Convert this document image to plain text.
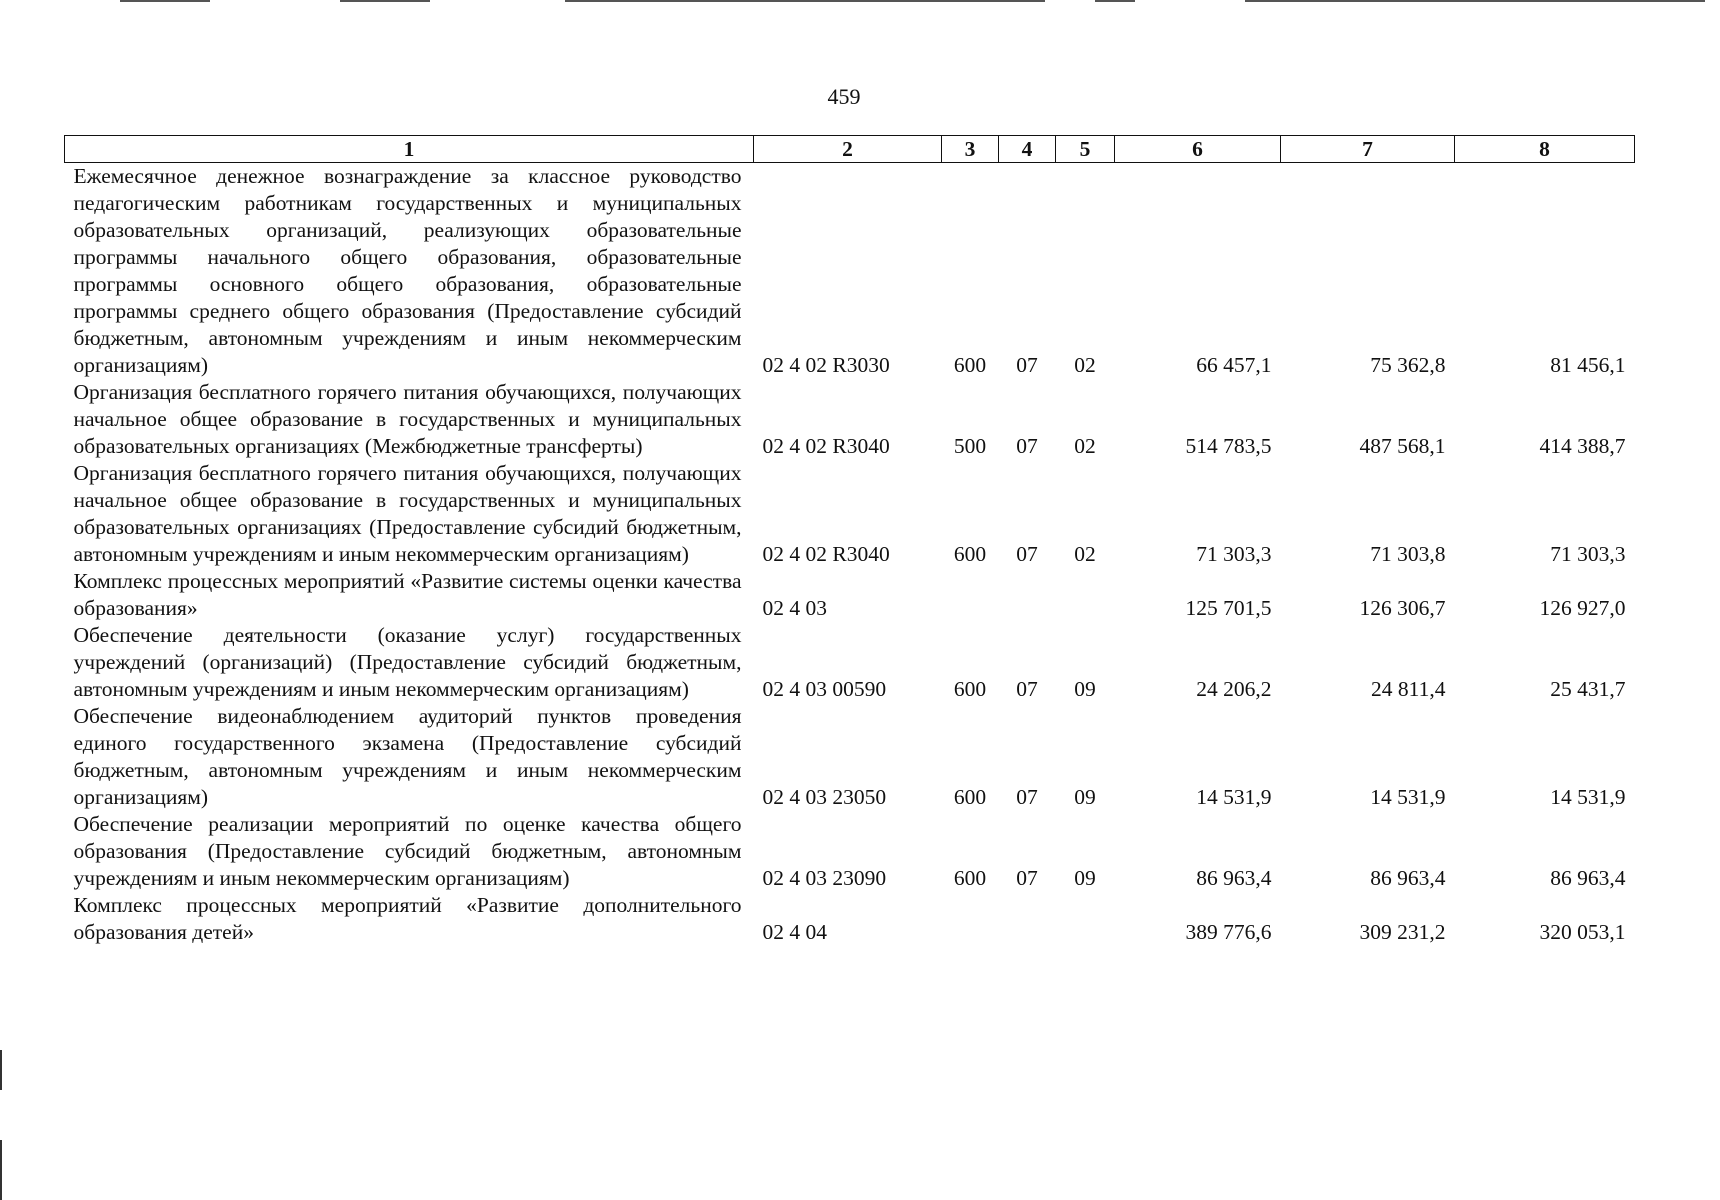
459
1	2	3	4	5	6	7	8
Ежемесячное денежное вознаграждение за классное руководство педагогическим работникам государственных и муниципальных образовательных организаций, реализующих образовательные программы начального общего образования, образовательные программы основного общего образования, образовательные программы среднего общего образования (Предоставление субсидий бюджетным, автономным учреждениям и иным некоммерческим организациям)	02 4 02 R3030	600	07	02	66 457,1	75 362,8	81 456,1
Организация бесплатного горячего питания обучающихся, получающих начальное общее образование в государственных и муниципальных образовательных организациях (Межбюджетные трансферты)	02 4 02 R3040	500	07	02	514 783,5	487 568,1	414 388,7
Организация бесплатного горячего питания обучающихся, получающих начальное общее образование в государственных и муниципальных образовательных организациях (Предоставление субсидий бюджетным, автономным учреждениям и иным некоммерческим организациям)	02 4 02 R3040	600	07	02	71 303,3	71 303,8	71 303,3
Комплекс процессных мероприятий «Развитие системы оценки качества образования»	02 4 03				125 701,5	126 306,7	126 927,0
Обеспечение деятельности (оказание услуг) государственных учреждений (организаций) (Предоставление субсидий бюджетным, автономным учреждениям и иным некоммерческим организациям)	02 4 03 00590	600	07	09	24 206,2	24 811,4	25 431,7
Обеспечение видеонаблюдением аудиторий пунктов проведения единого государственного экзамена (Предоставление субсидий бюджетным, автономным учреждениям и иным некоммерческим организациям)	02 4 03 23050	600	07	09	14 531,9	14 531,9	14 531,9
Обеспечение реализации мероприятий по оценке качества общего образования (Предоставление субсидий бюджетным, автономным учреждениям и иным некоммерческим организациям)	02 4 03 23090	600	07	09	86 963,4	86 963,4	86 963,4
Комплекс процессных мероприятий «Развитие дополнительного образования детей»	02 4 04				389 776,6	309 231,2	320 053,1
